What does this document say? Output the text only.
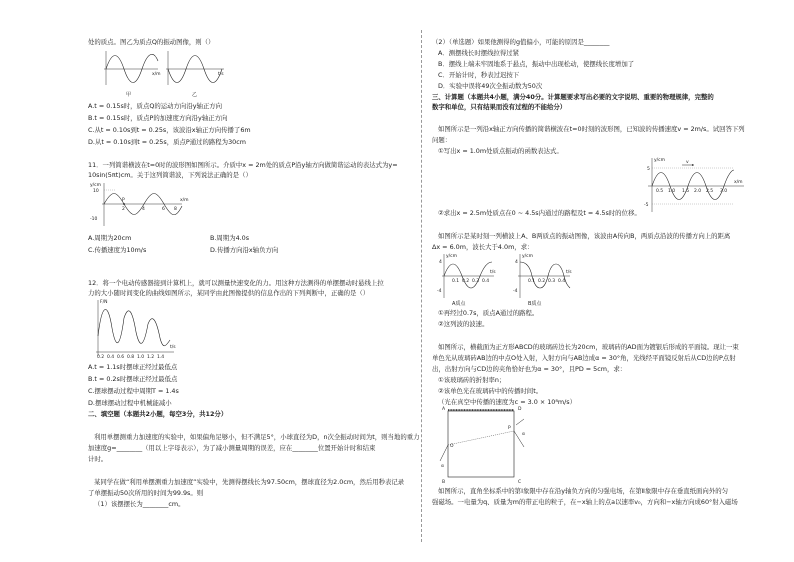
处的质点。图乙为质点Q的振动图像，则（）
x/m	t/s
甲	乙
A.t = 0.15s时，质点Q的运动方向沿y轴正方向
B.t = 0.15s时，质点P的加速度方向沿y轴正方向
C.从t = 0.10s到t = 0.25s，该波沿x轴正方向传播了6m
D.从t = 0.10s到t = 0.25s，质点P通过的路程为30cm
11．一列简谐横波在t=0时的波形图如图所示。介质中x = 2m处的质点P沿y轴方向做简谐运动的表达式为y=
10sin(5πt)cm。关于这列简谐波，下列说法正确的是（）
y/cm
10
-10
P
2	4	6 8
x/m
A.周期为20cm	B.周期为4.0s
C.传播速度为10m/s	D.传播方向沿x轴负方向
12．将一个电动传感器接到计算机上，就可以测量快速变化的力。用这种方法测得的单摆摆动时悬线上拉
力的大小随时间变化的曲线如图所示，某同学由此图像提供的信息作出的下列判断中，正确的是（）
F/N
0.2 0.4 0.6 0.8 1.0 1.2 1.4
t/s
A.t = 1.1s时摆球正经过最低点
B.t = 0.2s时摆球正经过最低点
C.摆球摆动过程中周期T = 1.4s
D.摆球摆动过程中机械能减小
二、填空题（本题共2小题，每空3分，共12分）
利用单摆测重力加速度的实验中，如果偏角足够小，但不满足5°，小球直径为D，n次全振动时间为t，则当地的重力
加速度g=________（用以上字母表示），为了减小测量周期的误差，应在________位置开始计时和结束
计时。
某同学在做“利用单摆测重力加速度”实验中，先测得摆线长为97.50cm，摆球直径为2.0cm，然后用秒表记录
了单摆振动50次所用的时间为99.9s。则
（1）该摆摆长为________cm。
（2）（单选题）如果他测得的g值偏小，可能的原因是________
A．测摆线长时摆线拉得过紧
B．摆线上端未牢固地系于悬点，振动中出现松动，使摆线长度增加了
C．开始计时，秒表过迟按下
D．实验中误将49次全振动数为50次
三、计算题（本题共4小题，满分40分。计算题要求写出必要的文字说明、重要的物理规律，完整的
数字和单位，只有结果而没有过程的不能给分）
如图所示是一列沿x轴正方向传播的简谐横波在t=0时刻的波形图，已知波的传播速度v = 2m/s。试回答下列
问题：
①写出x = 1.0m处质点振动的函数表达式。
v
y/cm
5
-5
0.5 1.0 1.5 2.0 2.5 3.0
x/m
②求出x = 2.5m处质点在0 ~ 4.5s内通过的路程及t = 4.5s时的位移。
如图所示是某时刻一列横波上A、B两质点的振动图像，该波由A传向B，两质点沿波的传播方向上的距离
Δx = 6.0m，波长大于4.0m，求：
y/cm
4
-4
0.1 0.2 0.3 0.4
t/s
y/cm
4
-4
0.1 0.2 0.3 0.4
t/s
A质点	B质点
①再经过0.7s，质点A通过的路程。
②这列波的波速。
如图所示，横截面为正方形ABCD的玻璃砖边长为20cm，玻璃砖的AD面为镀银后形成的平面镜。现让一束
单色光从玻璃砖AB边的中点O处入射，入射方向与AB边成α = 30°角，光线经平面镜反射后从CD边的P点射
出，出射方向与CD边的夹角恰好也为α = 30°，且PD = 5cm，求：
①该玻璃砖的折射率n；
②该单色光在玻璃砖中的传播时间t。
（光在真空中传播的速度为c = 3.0 × 10⁸m/s）
A	D
B	C
O
P
α
α
如图所示，直角坐标系中的第Ⅰ象限中存在沿y轴负方向的匀强电场，在第Ⅱ象限中存在垂直纸面向外的匀
强磁场。一电量为q、质量为m的带正电的粒子，在−x轴上的点a以速率v₀，方向和−x轴方向成60°射入磁场
